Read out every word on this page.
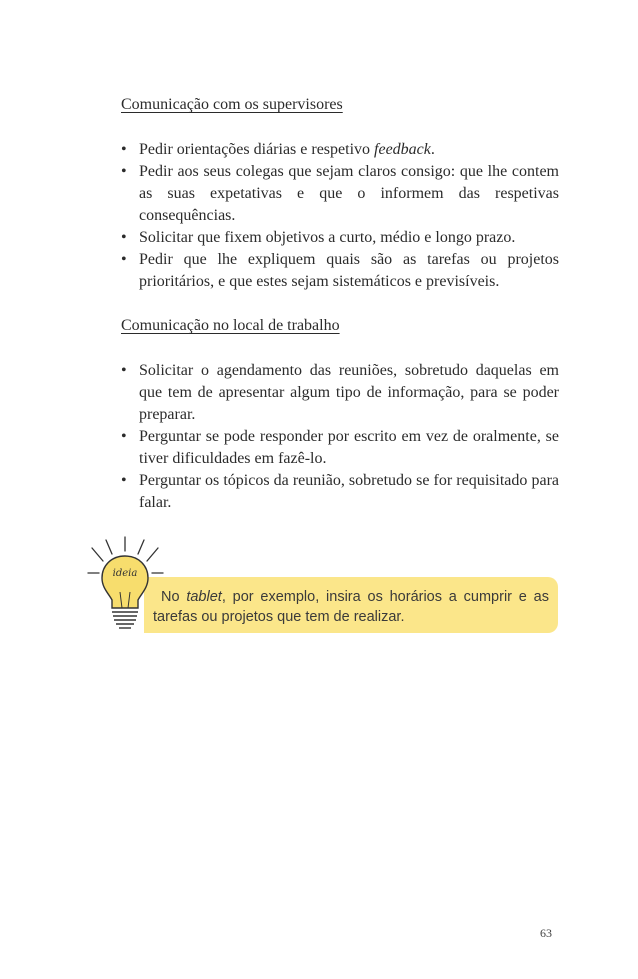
Comunicação com os supervisores

• Pedir orientações diárias e respetivo feedback.
• Pedir aos seus colegas que sejam claros consigo: que lhe contem as suas expetativas e que o informem das respetivas consequências.
• Solicitar que fixem objetivos a curto, médio e longo prazo.
• Pedir que lhe expliquem quais são as tarefas ou projetos prioritários, e que estes sejam sistemáticos e previsíveis.

Comunicação no local de trabalho

• Solicitar o agendamento das reuniões, sobretudo daquelas em que tem de apresentar algum tipo de informação, para se poder preparar.
• Perguntar se pode responder por escrito em vez de oralmente, se tiver dificuldades em fazê-lo.
• Perguntar os tópicos da reunião, sobretudo se for requisitado para falar.
ideia
No tablet, por exemplo, insira os horários a cumprir e as tarefas ou projetos que tem de realizar.
63
